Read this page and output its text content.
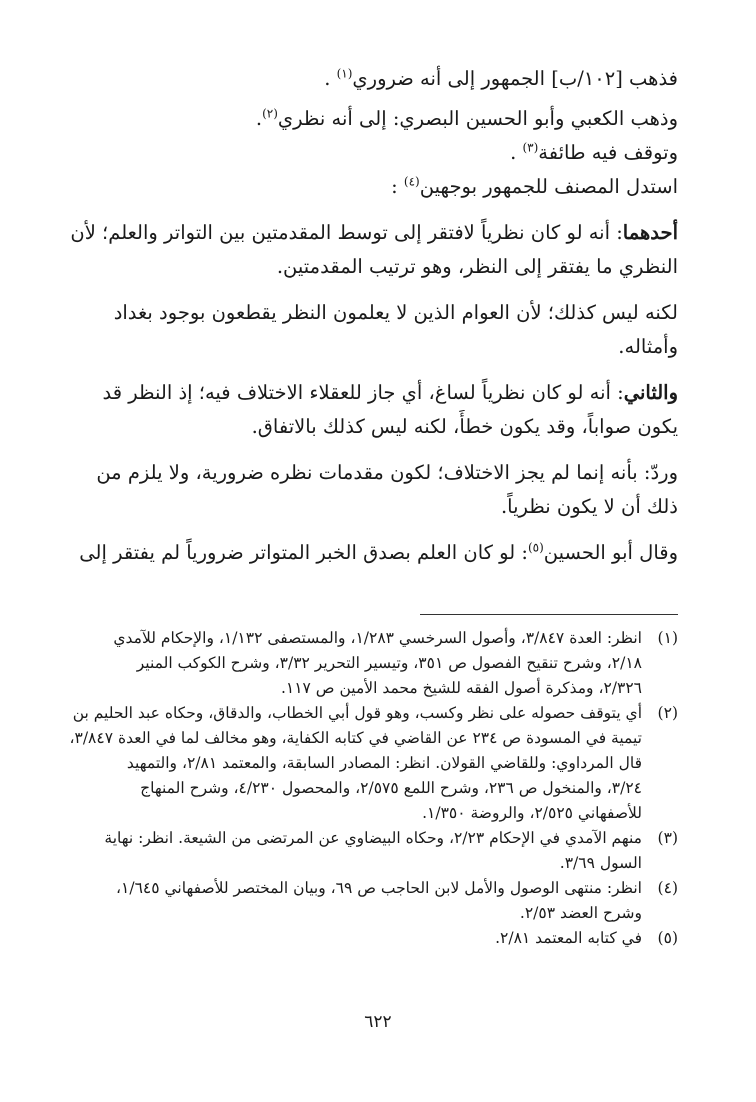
فذهب [١٠٢/ب] الجمهور إلى أنه ضروري$^{(١)}$ .
وذهب الكعبي وأبو الحسين البصري: إلى أنه نظري$^{(٢)}$.
وتوقف فيه طائفة$^{(٣)}$ .
استدل المصنف للجمهور بوجهين$^{(٤)}$ :
أحدهما: أنه لو كان نظرياً لافتقر إلى توسط المقدمتين بين التواتر والعلم؛ لأن
النظري ما يفتقر إلى النظر، وهو ترتيب المقدمتين.
لكنه ليس كذلك؛ لأن العوام الذين لا يعلمون النظر يقطعون بوجود بغداد
وأمثاله.
والثاني: أنه لو كان نظرياً لساغ، أي جاز للعقلاء الاختلاف فيه؛ إذ النظر قد
يكون صواباً، وقد يكون خطأً، لكنه ليس كذلك بالاتفاق.
وردّ: بأنه إنما لم يجز الاختلاف؛ لكون مقدمات نظره ضرورية، ولا يلزم من
ذلك أن لا يكون نظرياً.
وقال أبو الحسين$^{(٥)}$: لو كان العلم بصدق الخبر المتواتر ضرورياً لم يفتقر إلى
(١)
انظر: العدة ٣/٨٤٧، وأصول السرخسي ١/٢٨٣، والمستصفى ١/١٣٢، والإحكام للآمدي
٢/١٨، وشرح تنقيح الفصول ص ٣٥١، وتيسير التحرير ٣/٣٢، وشرح الكوكب المنير
٢/٣٢٦، ومذكرة أصول الفقه للشيخ محمد الأمين ص ١١٧.
(٢)
أي يتوقف حصوله على نظر وكسب، وهو قول أبي الخطاب، والدقاق، وحكاه عبد الحليم بن
تيمية في المسودة ص ٢٣٤ عن القاضي في كتابه الكفاية، وهو مخالف لما في العدة ٣/٨٤٧،
قال المرداوي: وللقاضي القولان. انظر: المصادر السابقة، والمعتمد ٢/٨١، والتمهيد
٣/٢٤، والمنخول ص ٢٣٦، وشرح اللمع ٢/٥٧٥، والمحصول ٤/٢٣٠، وشرح المنهاج
للأصفهاني ٢/٥٢٥، والروضة ١/٣٥٠.
(٣)
منهم الآمدي في الإحكام ٢/٢٣، وحكاه البيضاوي عن المرتضى من الشيعة. انظر: نهاية
السول ٣/٦٩.
(٤)
انظر: منتهى الوصول والأمل لابن الحاجب ص ٦٩، وبيان المختصر للأصفهاني ١/٦٤٥،
وشرح العضد ٢/٥٣.
(٥)
في كتابه المعتمد ٢/٨١.
٦٢٢
